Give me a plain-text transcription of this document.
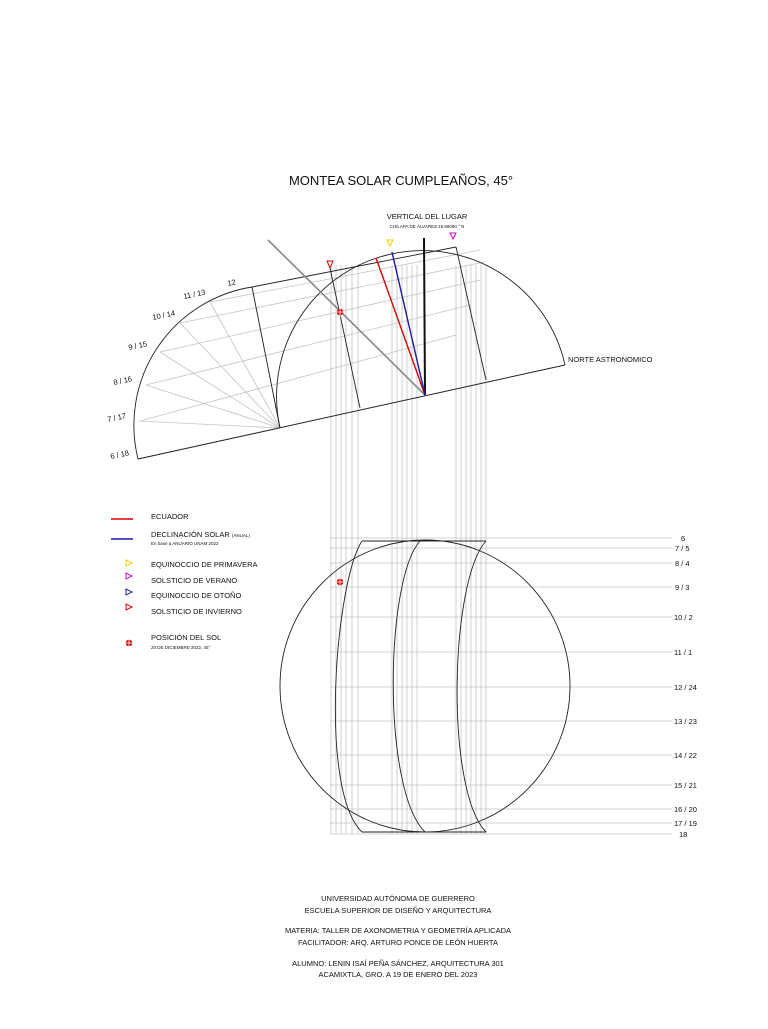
MONTEA SOLAR CUMPLEAÑOS, 45°
VERTICAL DEL LUGAR
CHILAPA DE ÁLVAREZ 19.69090 ° N
NORTE ASTRONOMICO
6 / 18
7 / 17
8 / 16
9 / 15
10 / 14
11 / 13
12
6
7 / 5
8 / 4
9 / 3
10 / 2
11 / 1
12 / 24
13 / 23
14 / 22
15 / 21
16 / 20
17 / 19
18
ECUADOR
DECLINACIÓN SOLAR (ANUAL)
En base a ANUARIO UNAM 2022
EQUINOCCIO DE PRIMAVERA
SOLSTICIO DE VERANO
EQUINOCCIO DE OTOÑO
SOLSTICIO DE INVIERNO
POSICIÓN DEL SOL
20 DE DICIEMBRE 2022, 45°
UNIVERSIDAD AUTÓNOMA DE GUERRERO
ESCUELA SUPERIOR DE DISEÑO Y ARQUITECTURA
MATERIA: TALLER DE AXONOMETRIA Y GEOMETRÍA APLICADA
FACILITADOR: ARQ. ARTURO PONCE DE LEÓN HUERTA
ALUMNO: LENIN ISAÍ PEÑA SÁNCHEZ, ARQUITECTURA 301
ACAMIXTLA, GRO. A 19 DE ENERO DEL 2023
